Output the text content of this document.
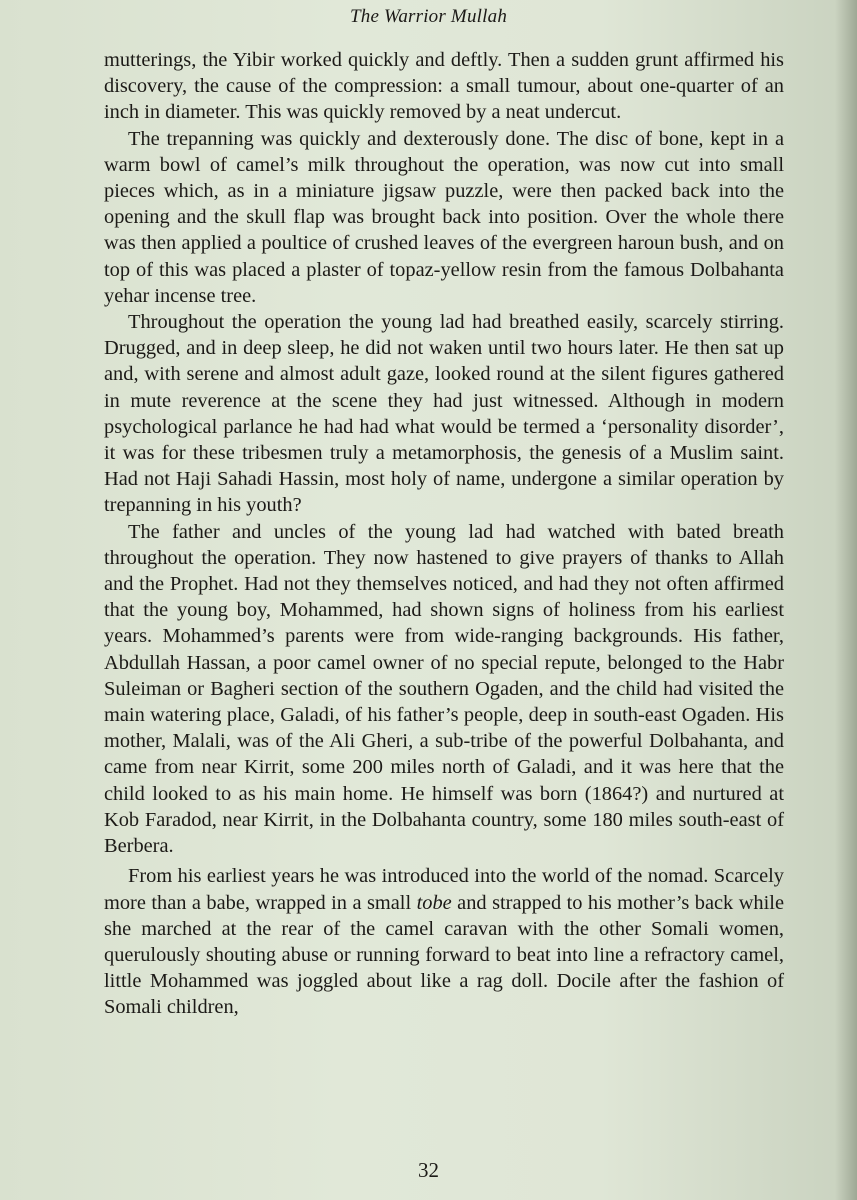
The Warrior Mullah

mutterings, the Yibir worked quickly and deftly. Then a sudden grunt affirmed his discovery, the cause of the compression: a small tumour, about one-quarter of an inch in diameter. This was quickly removed by a neat undercut.

The trepanning was quickly and dexterously done. The disc of bone, kept in a warm bowl of camel’s milk throughout the operation, was now cut into small pieces which, as in a miniature jigsaw puzzle, were then packed back into the opening and the skull flap was brought back into position. Over the whole there was then applied a poultice of crushed leaves of the evergreen haroun bush, and on top of this was placed a plaster of topaz-yellow resin from the famous Dolbahanta yehar incense tree.

Throughout the operation the young lad had breathed easily, scarcely stirring. Drugged, and in deep sleep, he did not waken until two hours later. He then sat up and, with serene and almost adult gaze, looked round at the silent figures gathered in mute reverence at the scene they had just witnessed. Although in modern psychological parlance he had had what would be termed a ‘personality disorder’, it was for these tribesmen truly a metamorphosis, the genesis of a Muslim saint. Had not Haji Sahadi Hassin, most holy of name, undergone a similar operation by trepanning in his youth?

The father and uncles of the young lad had watched with bated breath throughout the operation. They now hastened to give prayers of thanks to Allah and the Prophet. Had not they themselves noticed, and had they not often affirmed that the young boy, Mohammed, had shown signs of holiness from his earliest years. Mohammed’s parents were from wide-ranging backgrounds. His father, Abdullah Hassan, a poor camel owner of no special repute, belonged to the Habr Suleiman or Bagheri section of the southern Ogaden, and the child had visited the main watering place, Galadi, of his father’s people, deep in south-east Ogaden. His mother, Malali, was of the Ali Gheri, a sub-tribe of the powerful Dolbahanta, and came from near Kirrit, some 200 miles north of Galadi, and it was here that the child looked to as his main home. He himself was born (1864?) and nurtured at Kob Faradod, near Kirrit, in the Dolbahanta country, some 180 miles south-east of Berbera.

From his earliest years he was introduced into the world of the nomad. Scarcely more than a babe, wrapped in a small tobe and strapped to his mother’s back while she marched at the rear of the camel caravan with the other Somali women, querulously shouting abuse or running forward to beat into line a refractory camel, little Mohammed was joggled about like a rag doll. Docile after the fashion of Somali children,

32
